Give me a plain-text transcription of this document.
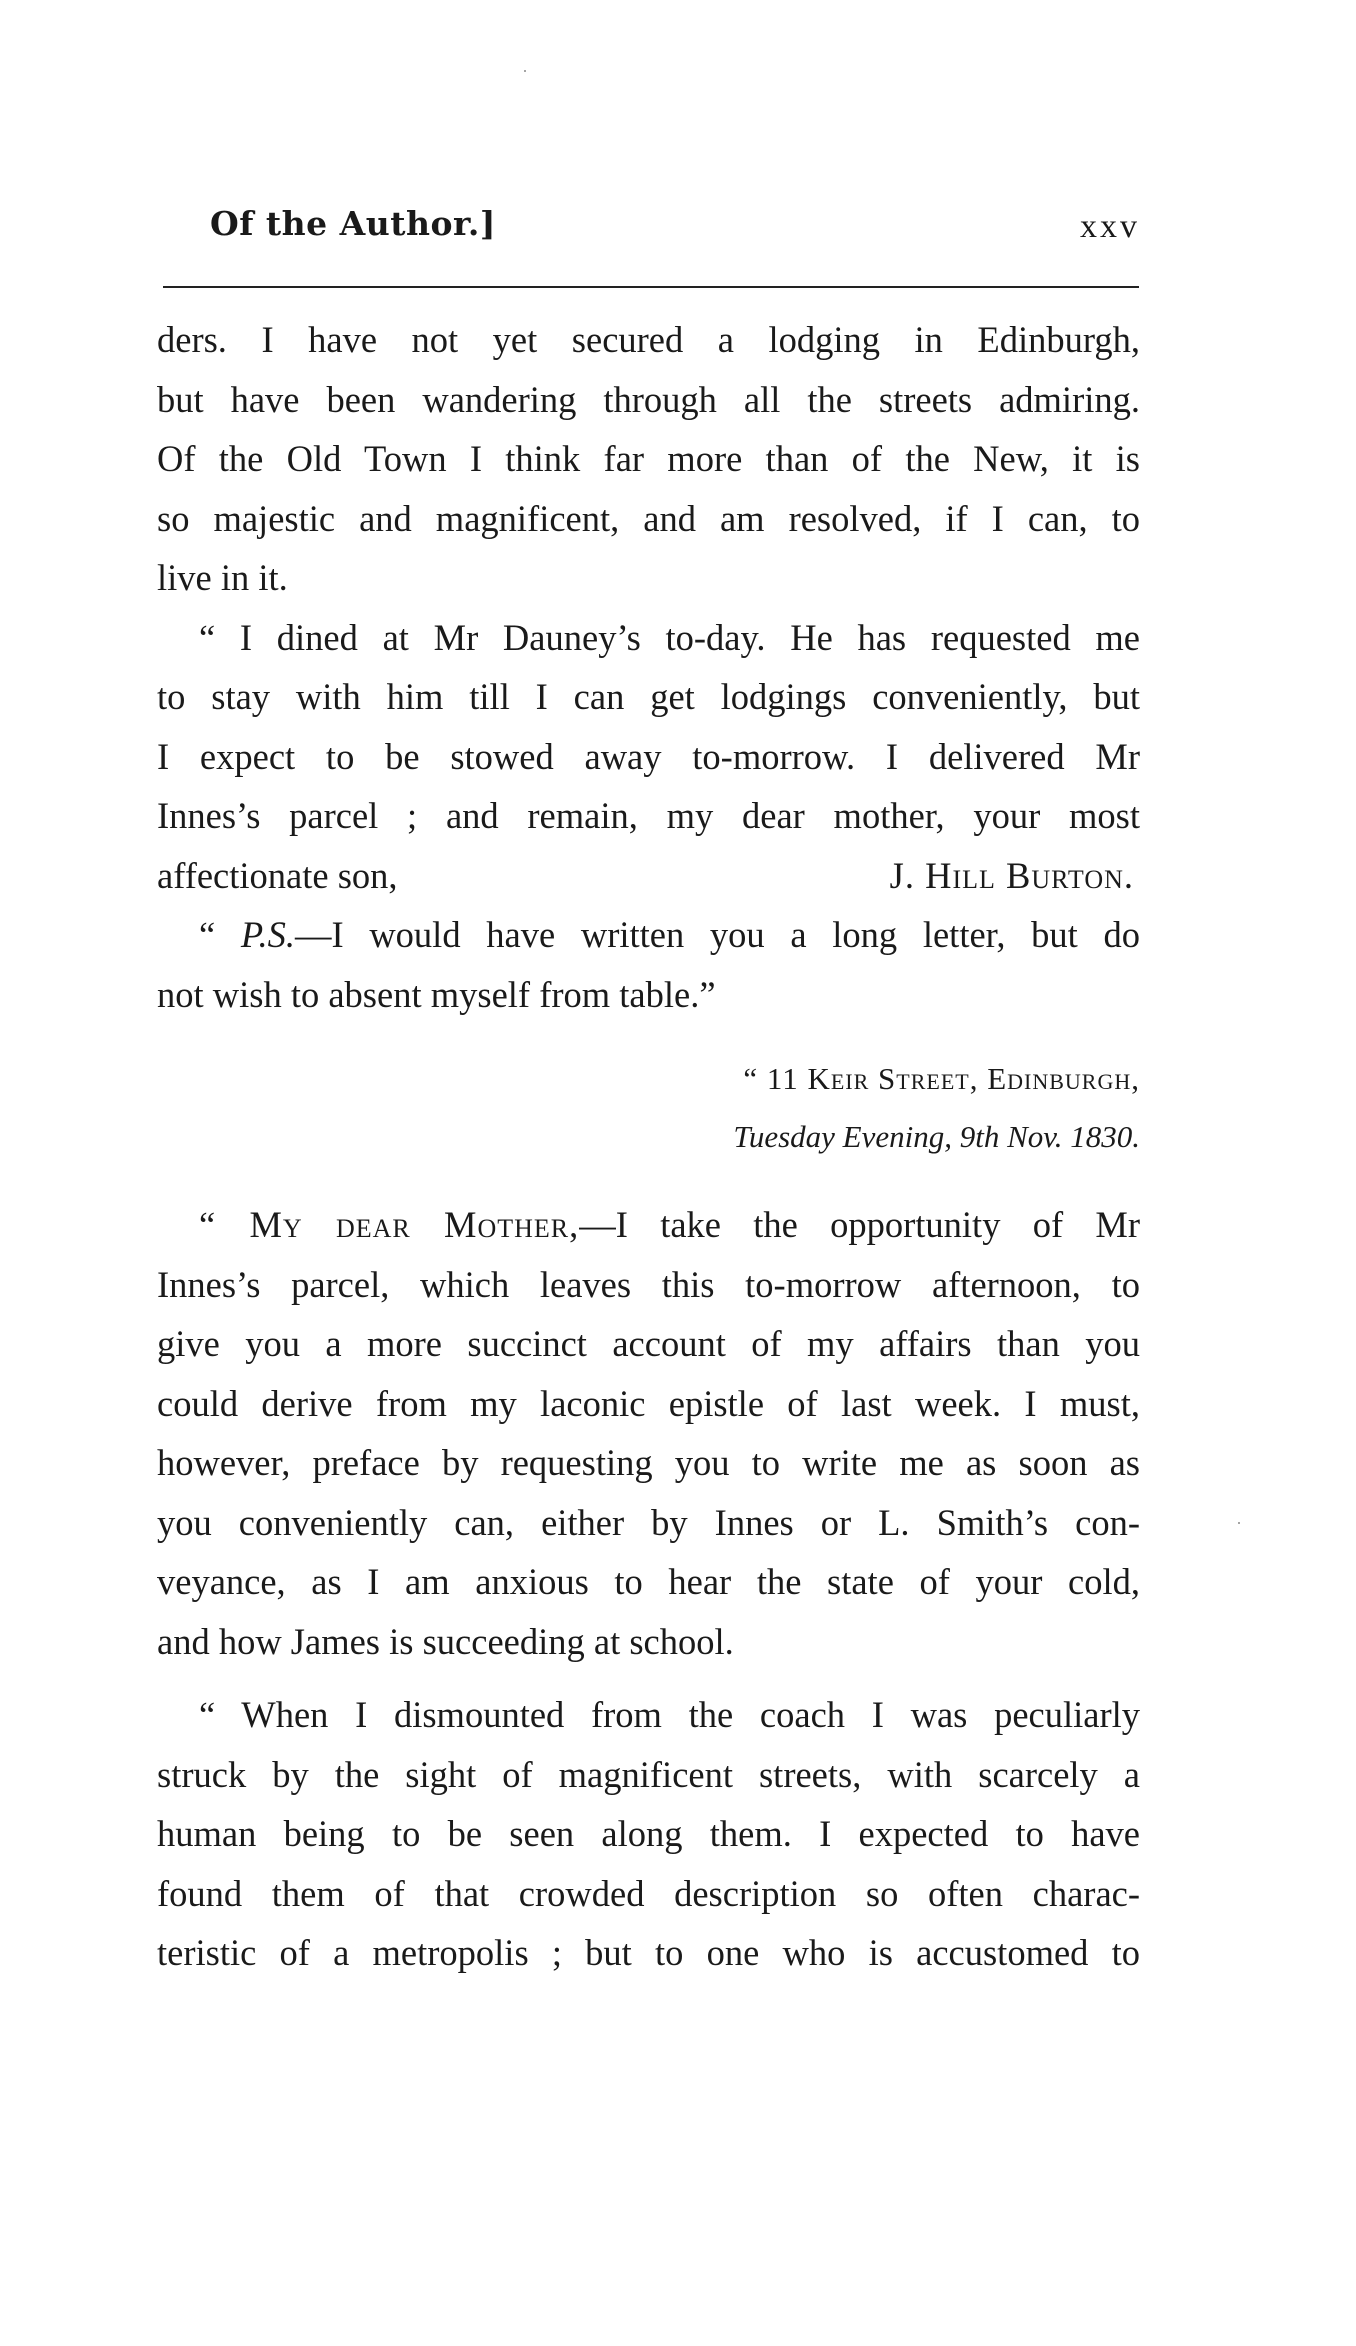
Of the Author.]	xxv

ders. I have not yet secured a lodging in Edinburgh,
but have been wandering through all the streets admiring.
Of the Old Town I think far more than of the New, it is
so majestic and magnificent, and am resolved, if I can, to
live in it.

“ I dined at Mr Dauney’s to-day. He has requested me
to stay with him till I can get lodgings conveniently, but
I expect to be stowed away to-morrow. I delivered Mr
Innes’s parcel ; and remain, my dear mother, your most
affectionate son,	J. Hill Burton.

“ P.S.—I would have written you a long letter, but do
not wish to absent myself from table.”

“ 11 Keir Street, Edinburgh,
Tuesday Evening, 9th Nov. 1830.

“ My dear Mother,—I take the opportunity of Mr
Innes’s parcel, which leaves this to-morrow afternoon, to
give you a more succinct account of my affairs than you
could derive from my laconic epistle of last week. I must,
however, preface by requesting you to write me as soon as
you conveniently can, either by Innes or L. Smith’s con-
veyance, as I am anxious to hear the state of your cold,
and how James is succeeding at school.

“ When I dismounted from the coach I was peculiarly
struck by the sight of magnificent streets, with scarcely a
human being to be seen along them. I expected to have
found them of that crowded description so often charac-
teristic of a metropolis ; but to one who is accustomed to
